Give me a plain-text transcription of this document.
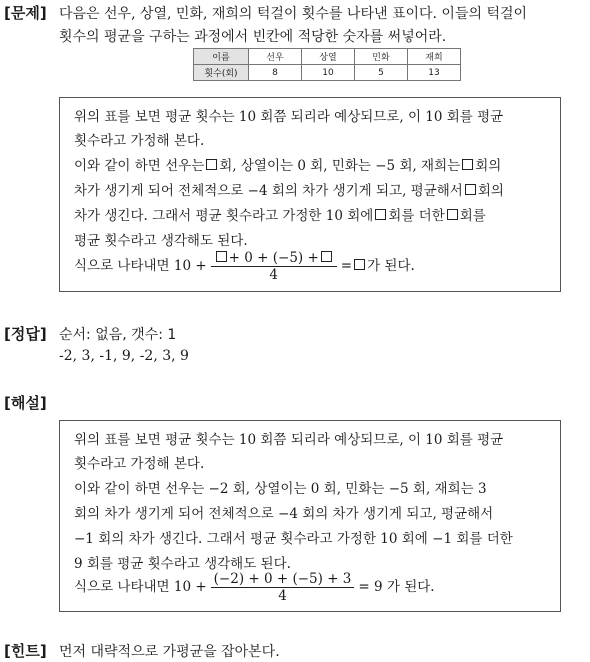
[문제] 다음은 선우, 상열, 민화, 재희의 턱걸이 횟수를 나타낸 표이다. 이들의 턱걸이
횟수의 평균을 구하는 과정에서 빈칸에 적당한 숫자를 써넣어라.
이름	선우	상열	민화	재희
횟수(회)	8	10	5	13
위의 표를 보면 평균 횟수는 10 회쯤 되리라 예상되므로, 이 10 회를 평균
횟수라고 가정해 본다.
이와 같이 하면 선우는 회, 상열이는 0 회, 민화는 −5 회, 재희는 회의
차가 생기게 되어 전체적으로 −4 회의 차가 생기게 되고, 평균해서 회의
차가 생긴다. 그래서 평균 횟수라고 가정한 10 회에 회를 더한 회를
평균 횟수라고 생각해도 된다.
식으로 나타내면 $10 + \frac{+ 0 + (-5) +}{4}$ = 가 된다.
[정답] 순서: 없음, 갯수: 1
-2, 3, -1, 9, -2, 3, 9
[해설]
위의 표를 보면 평균 횟수는 10 회쯤 되리라 예상되므로, 이 10 회를 평균
횟수라고 가정해 본다.
이와 같이 하면 선우는 −2 회, 상열이는 0 회, 민화는 −5 회, 재희는 3
회의 차가 생기게 되어 전체적으로 −4 회의 차가 생기게 되고, 평균해서
−1 회의 차가 생긴다. 그래서 평균 횟수라고 가정한 10 회에 −1 회를 더한
9 회를 평균 횟수라고 생각해도 된다.
식으로 나타내면 $10 + \frac{(-2) + 0 + (-5) + 3}{4} = 9$ 가 된다.
[힌트] 먼저 대략적으로 가평균을 잡아본다.
